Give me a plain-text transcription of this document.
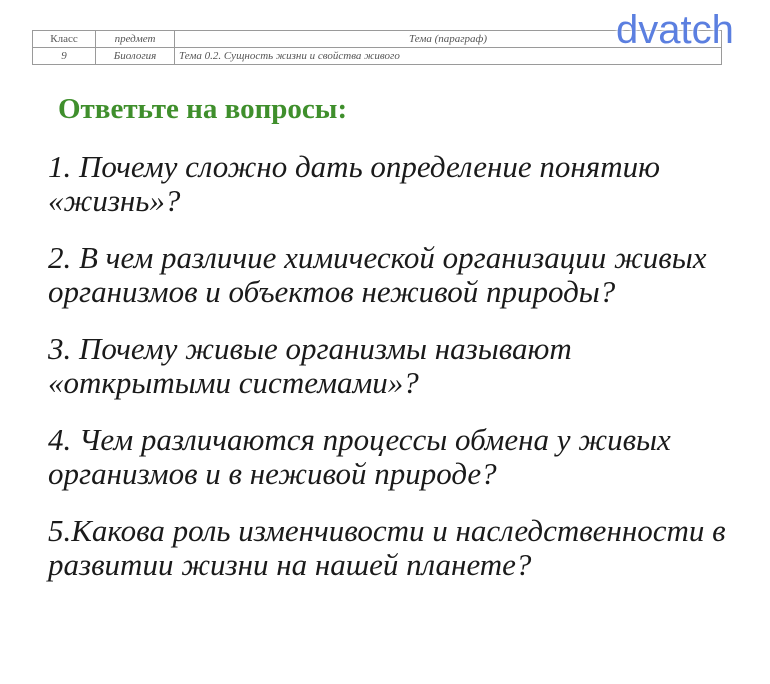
Класс	предмет	Тема (параграф)
9	Биология	Тема 0.2. Сущность жизни и свойства живого
dvatch
Ответьте на вопросы:

1. Почему сложно дать определение понятию «жизнь»?

2. В чем различие химической организации живых организмов и объектов неживой природы?

3. Почему живые организмы называют «открытыми системами»?

4. Чем различаются процессы обмена у живых организмов и в неживой природе?

5.Какова роль изменчивости и наследственности в развитии жизни на нашей планете?
